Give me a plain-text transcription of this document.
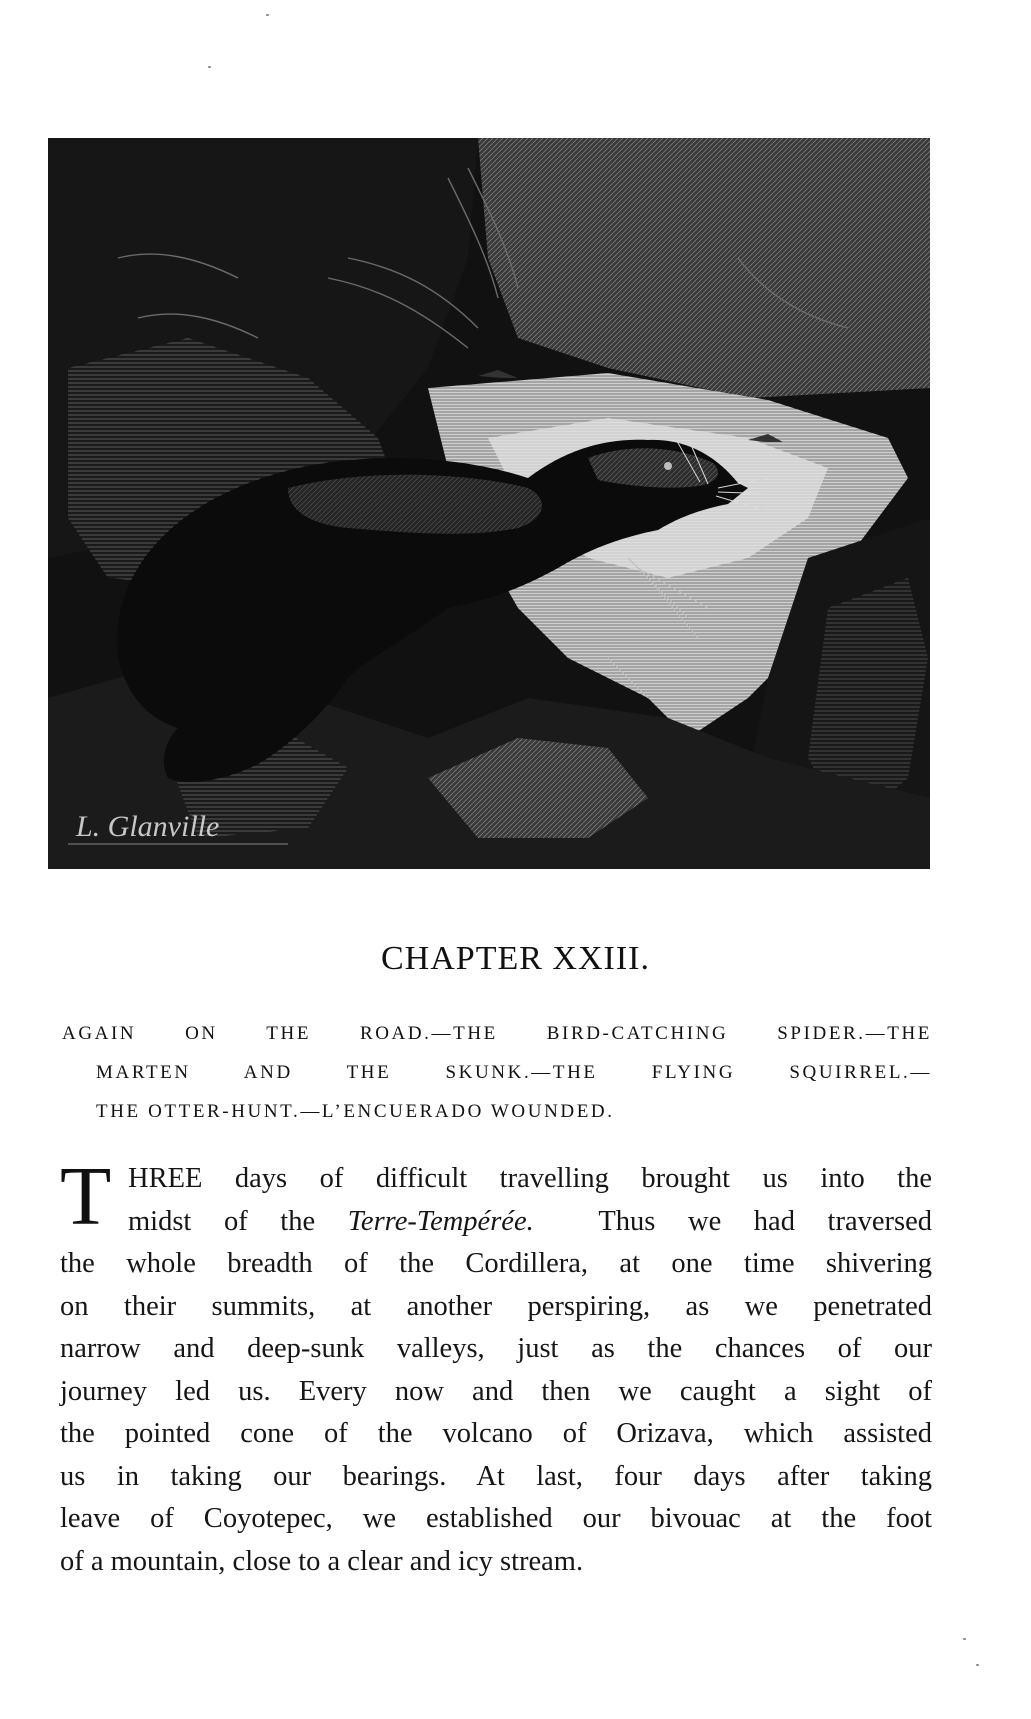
L. Glanville
CHAPTER XXIII.
AGAIN ON THE ROAD.—THE BIRD-CATCHING SPIDER.—THE
MARTEN AND THE SKUNK.—THE FLYING SQUIRREL.—
THE OTTER-HUNT.—L’ENCUERADO WOUNDED.
T HREE days of difficult travelling brought us into the
midst of the Terre-Tempérée.  Thus we had traversed
the whole breadth of the Cordillera, at one time shivering
on their summits, at another perspiring, as we penetrated
narrow and deep-sunk valleys, just as the chances of our
journey led us. Every now and then we caught a sight of
the pointed cone of the volcano of Orizava, which assisted
us in taking our bearings. At last, four days after taking
leave of Coyotepec, we established our bivouac at the foot
of a mountain, close to a clear and icy stream.
